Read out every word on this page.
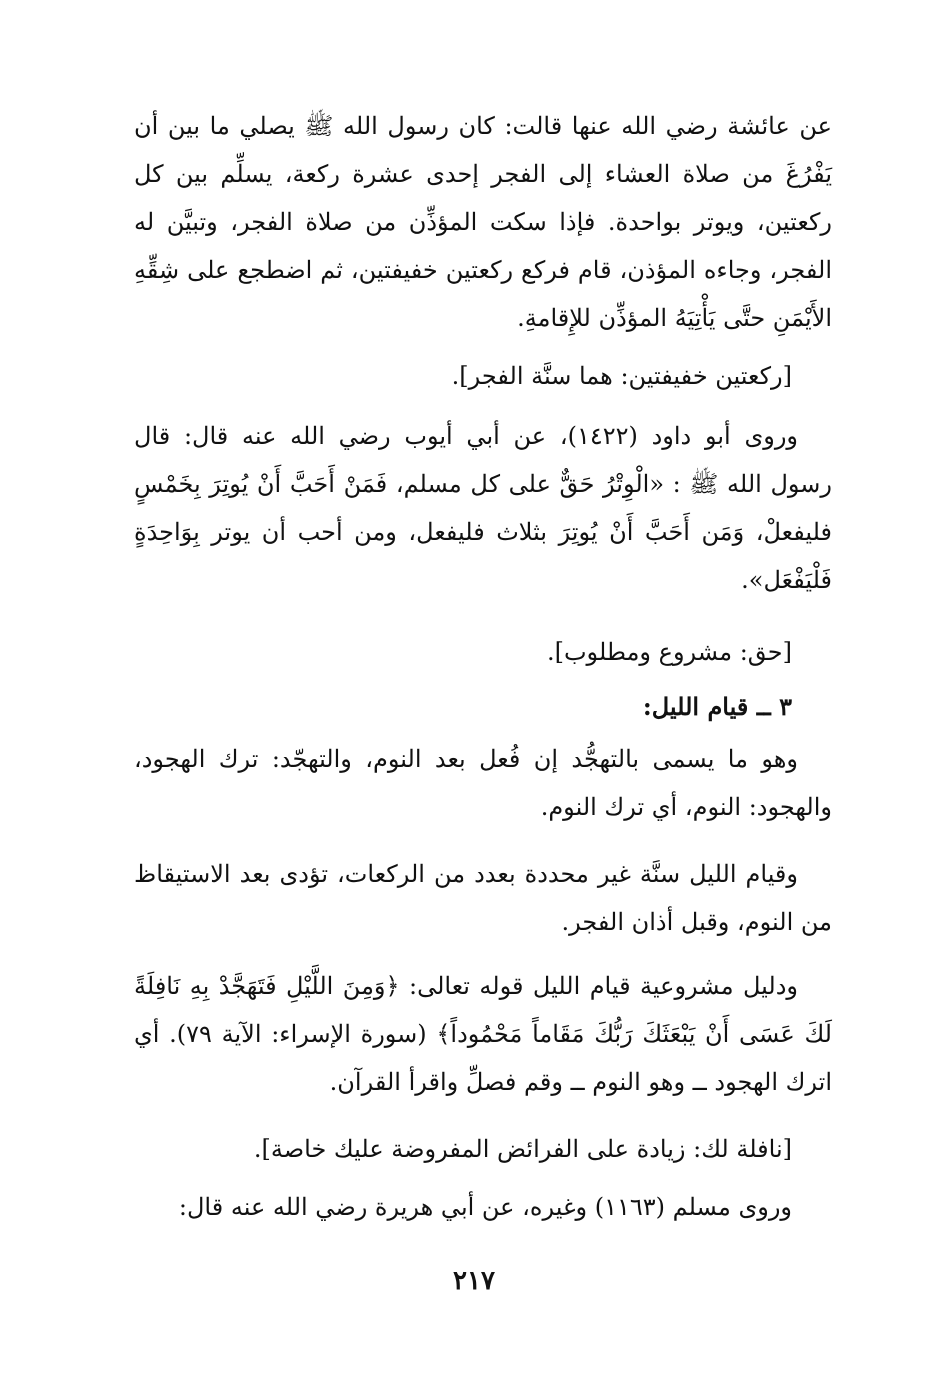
عن عائشة رضي الله عنها قالت: كان رسول الله ﷺ يصلي ما بين أن يَفْرُغَ من صلاة العشاء إلى الفجر إحدى عشرة ركعة، يسلِّم بين كل ركعتين، ويوتر بواحدة. فإذا سكت المؤذِّن من صلاة الفجر، وتبيَّن له الفجر، وجاءه المؤذن، قام فركع ركعتين خفيفتين، ثم اضطجع على شِقِّهِ الأَيْمَنِ حتَّى يَأْتِيَهُ المؤذِّن للإِقامةِ.

[ركعتين خفيفتين: هما سنَّة الفجر].

وروى أبو داود (١٤٢٢)، عن أبي أيوب رضي الله عنه قال: قال رسول الله ﷺ : «الْوِتْرُ حَقٌّ على كل مسلم، فَمَنْ أَحَبَّ أَنْ يُوتِرَ بِخَمْسٍ فليفعلْ، وَمَن أَحَبَّ أَنْ يُوتِرَ بثلاث فليفعل، ومن أحب أن يوتر بِوَاحِدَةٍ فَلْيَفْعَل».

[حق: مشروع ومطلوب].

٣ ــ قيام الليل:

وهو ما يسمى بالتهجُّد إن فُعل بعد النوم، والتهجّد: ترك الهجود، والهجود: النوم، أي ترك النوم.

وقيام الليل سنَّة غير محددة بعدد من الركعات، تؤدى بعد الاستيقاظ من النوم، وقبل أذان الفجر.

ودليل مشروعية قيام الليل قوله تعالى: ﴿وَمِنَ اللَّيْلِ فَتَهَجَّدْ بِهِ نَافِلَةً لَكَ عَسَى أَنْ يَبْعَثَكَ رَبُّكَ مَقَاماً مَحْمُوداً﴾ (سورة الإسراء: الآية ٧٩). أي اترك الهجود ــ وهو النوم ــ وقم فصلِّ واقرأ القرآن.

[نافلة لك: زيادة على الفرائض المفروضة عليك خاصة].

وروى مسلم (١١٦٣) وغيره، عن أبي هريرة رضي الله عنه قال:

٢١٧
